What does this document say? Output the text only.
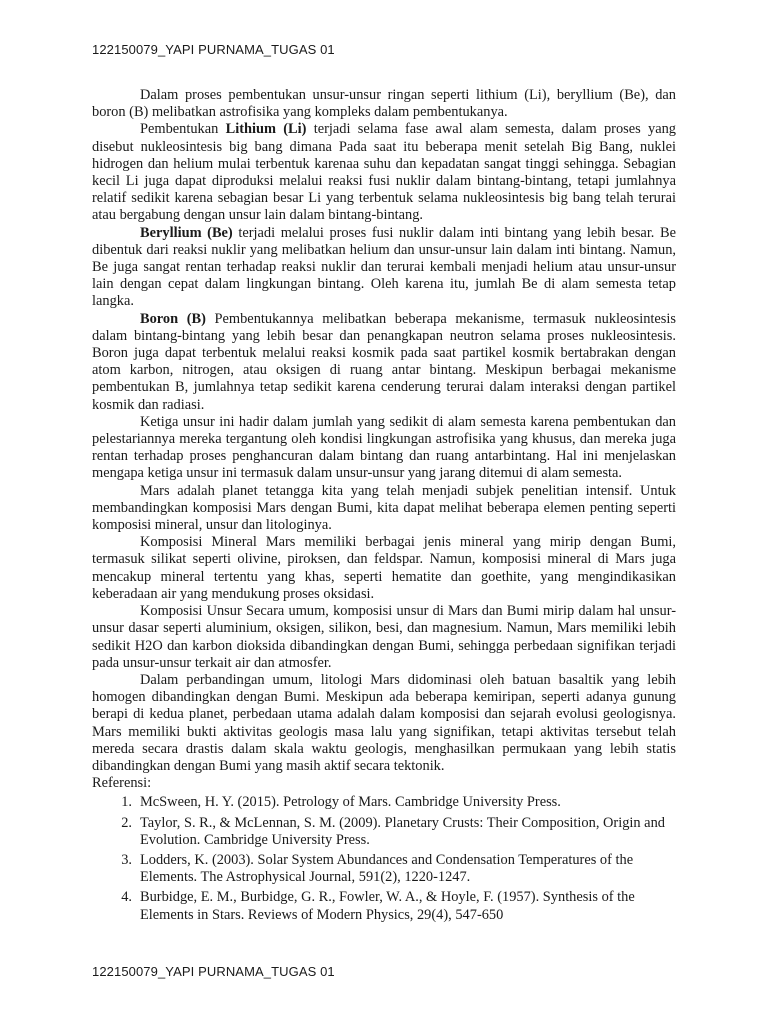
122150079_YAPI PURNAMA_TUGAS 01

Dalam proses pembentukan unsur-unsur ringan seperti lithium (Li), beryllium (Be), dan boron (B) melibatkan astrofisika yang kompleks dalam pembentukanya.

Pembentukan Lithium (Li) terjadi selama fase awal alam semesta, dalam proses yang disebut nukleosintesis big bang dimana Pada saat itu beberapa menit setelah Big Bang, nuklei hidrogen dan helium mulai terbentuk karenaa suhu dan kepadatan sangat tinggi sehingga. Sebagian kecil Li juga dapat diproduksi melalui reaksi fusi nuklir dalam bintang-bintang, tetapi jumlahnya relatif sedikit karena sebagian besar Li yang terbentuk selama nukleosintesis big bang telah terurai atau bergabung dengan unsur lain dalam bintang-bintang.

Beryllium (Be) terjadi melalui proses fusi nuklir dalam inti bintang yang lebih besar. Be dibentuk dari reaksi nuklir yang melibatkan helium dan unsur-unsur lain dalam inti bintang. Namun, Be juga sangat rentan terhadap reaksi nuklir dan terurai kembali menjadi helium atau unsur-unsur lain dengan cepat dalam lingkungan bintang. Oleh karena itu, jumlah Be di alam semesta tetap langka.

Boron (B) Pembentukannya melibatkan beberapa mekanisme, termasuk nukleosintesis dalam bintang-bintang yang lebih besar dan penangkapan neutron selama proses nukleosintesis. Boron juga dapat terbentuk melalui reaksi kosmik pada saat partikel kosmik bertabrakan dengan atom karbon, nitrogen, atau oksigen di ruang antar bintang. Meskipun berbagai mekanisme pembentukan B, jumlahnya tetap sedikit karena cenderung terurai dalam interaksi dengan partikel kosmik dan radiasi.

Ketiga unsur ini hadir dalam jumlah yang sedikit di alam semesta karena pembentukan dan pelestariannya mereka tergantung oleh kondisi lingkungan astrofisika yang khusus, dan mereka juga rentan terhadap proses penghancuran dalam bintang dan ruang antarbintang. Hal ini menjelaskan mengapa ketiga unsur ini termasuk dalam unsur-unsur yang jarang ditemui di alam semesta.

Mars adalah planet tetangga kita yang telah menjadi subjek penelitian intensif. Untuk membandingkan komposisi Mars dengan Bumi, kita dapat melihat beberapa elemen penting seperti komposisi mineral, unsur dan litologinya.

Komposisi Mineral Mars memiliki berbagai jenis mineral yang mirip dengan Bumi, termasuk silikat seperti olivine, piroksen, dan feldspar. Namun, komposisi mineral di Mars juga mencakup mineral tertentu yang khas, seperti hematite dan goethite, yang mengindikasikan keberadaan air yang mendukung proses oksidasi.

Komposisi Unsur Secara umum, komposisi unsur di Mars dan Bumi mirip dalam hal unsur-unsur dasar seperti aluminium, oksigen, silikon, besi, dan magnesium. Namun, Mars memiliki lebih sedikit H2O dan karbon dioksida dibandingkan dengan Bumi, sehingga perbedaan signifikan terjadi pada unsur-unsur terkait air dan atmosfer.

Dalam perbandingan umum, litologi Mars didominasi oleh batuan basaltik yang lebih homogen dibandingkan dengan Bumi. Meskipun ada beberapa kemiripan, seperti adanya gunung berapi di kedua planet, perbedaan utama adalah dalam komposisi dan sejarah evolusi geologisnya. Mars memiliki bukti aktivitas geologis masa lalu yang signifikan, tetapi aktivitas tersebut telah mereda secara drastis dalam skala waktu geologis, menghasilkan permukaan yang lebih statis dibandingkan dengan Bumi yang masih aktif secara tektonik.

Referensi:
1. McSween, H. Y. (2015). Petrology of Mars. Cambridge University Press.
2. Taylor, S. R., & McLennan, S. M. (2009). Planetary Crusts: Their Composition, Origin and Evolution. Cambridge University Press.
3. Lodders, K. (2003). Solar System Abundances and Condensation Temperatures of the Elements. The Astrophysical Journal, 591(2), 1220-1247.
4. Burbidge, E. M., Burbidge, G. R., Fowler, W. A., & Hoyle, F. (1957). Synthesis of the Elements in Stars. Reviews of Modern Physics, 29(4), 547-650
122150079_YAPI PURNAMA_TUGAS 01
